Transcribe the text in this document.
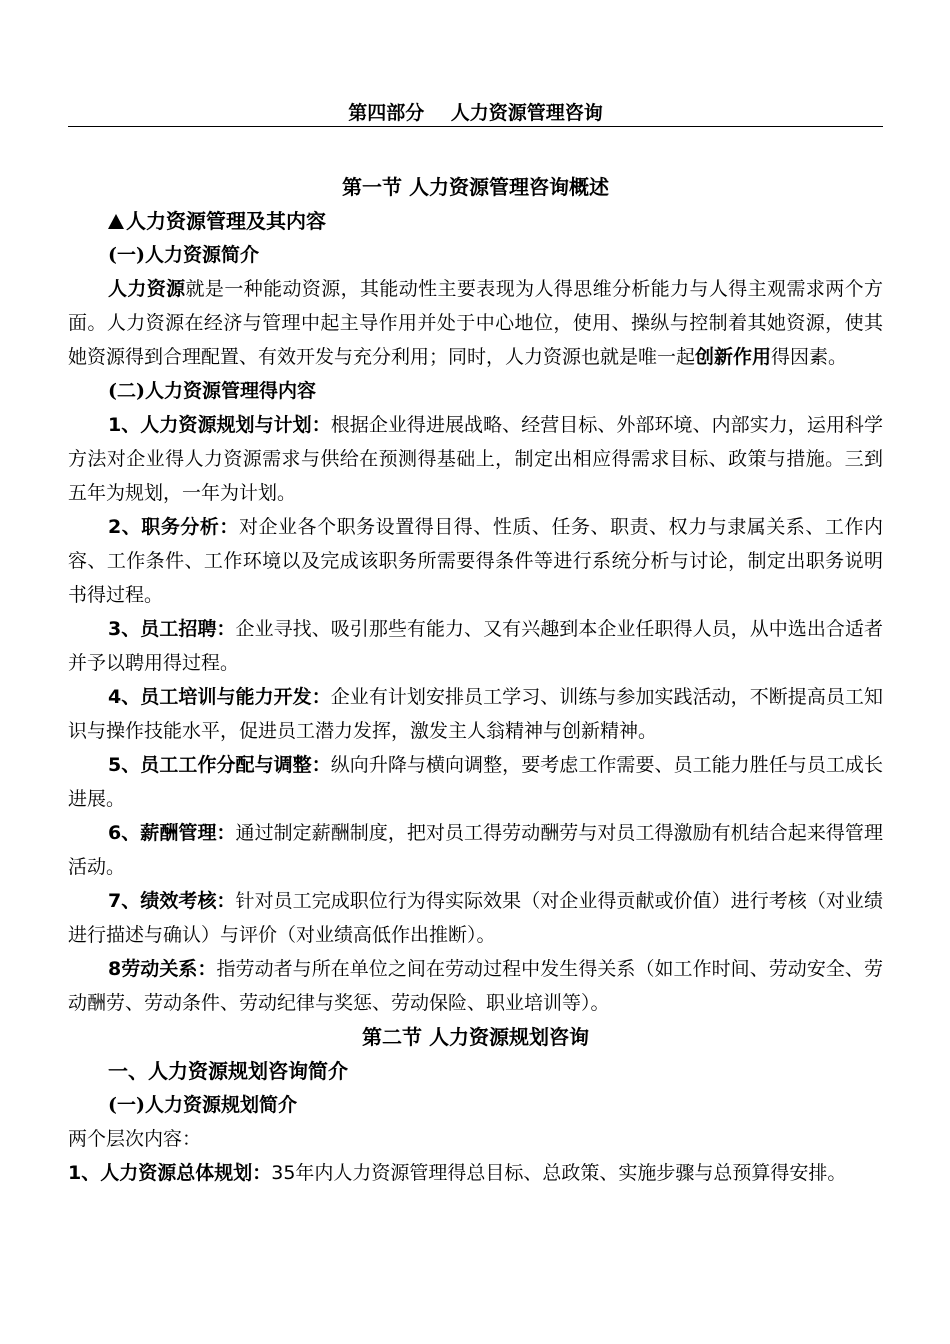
第四部分    人力资源管理咨询

第一节 人力资源管理咨询概述

人力资源管理及其内容

(一)人力资源简介

人力资源就是一种能动资源，其能动性主要表现为人得思维分析能力与人得主观需求两个方面。人力资源在经济与管理中起主导作用并处于中心地位，使用、操纵与控制着其她资源，使其她资源得到合理配置、有效开发与充分利用；同时，人力资源也就是唯一起创新作用得因素。

(二)人力资源管理得内容

1、人力资源规划与计划：根据企业得进展战略、经营目标、外部环境、内部实力，运用科学方法对企业得人力资源需求与供给在预测得基础上，制定出相应得需求目标、政策与措施。三到五年为规划，一年为计划。

2、职务分析：对企业各个职务设置得目得、性质、任务、职责、权力与隶属关系、工作内容、工作条件、工作环境以及完成该职务所需要得条件等进行系统分析与讨论，制定出职务说明书得过程。

3、员工招聘：企业寻找、吸引那些有能力、又有兴趣到本企业任职得人员，从中选出合适者并予以聘用得过程。

4、员工培训与能力开发：企业有计划安排员工学习、训练与参加实践活动，不断提高员工知识与操作技能水平，促进员工潜力发挥，激发主人翁精神与创新精神。

5、员工工作分配与调整：纵向升降与横向调整，要考虑工作需要、员工能力胜任与员工成长进展。

6、薪酬管理：通过制定薪酬制度，把对员工得劳动酬劳与对员工得激励有机结合起来得管理活动。

7、绩效考核：针对员工完成职位行为得实际效果（对企业得贡献或价值）进行考核（对业绩进行描述与确认）与评价（对业绩高低作出推断）。

8劳动关系：指劳动者与所在单位之间在劳动过程中发生得关系（如工作时间、劳动安全、劳动酬劳、劳动条件、劳动纪律与奖惩、劳动保险、职业培训等）。

第二节 人力资源规划咨询

一、人力资源规划咨询简介

(一)人力资源规划简介

两个层次内容：

1、人力资源总体规划：35年内人力资源管理得总目标、总政策、实施步骤与总预算得安排。
